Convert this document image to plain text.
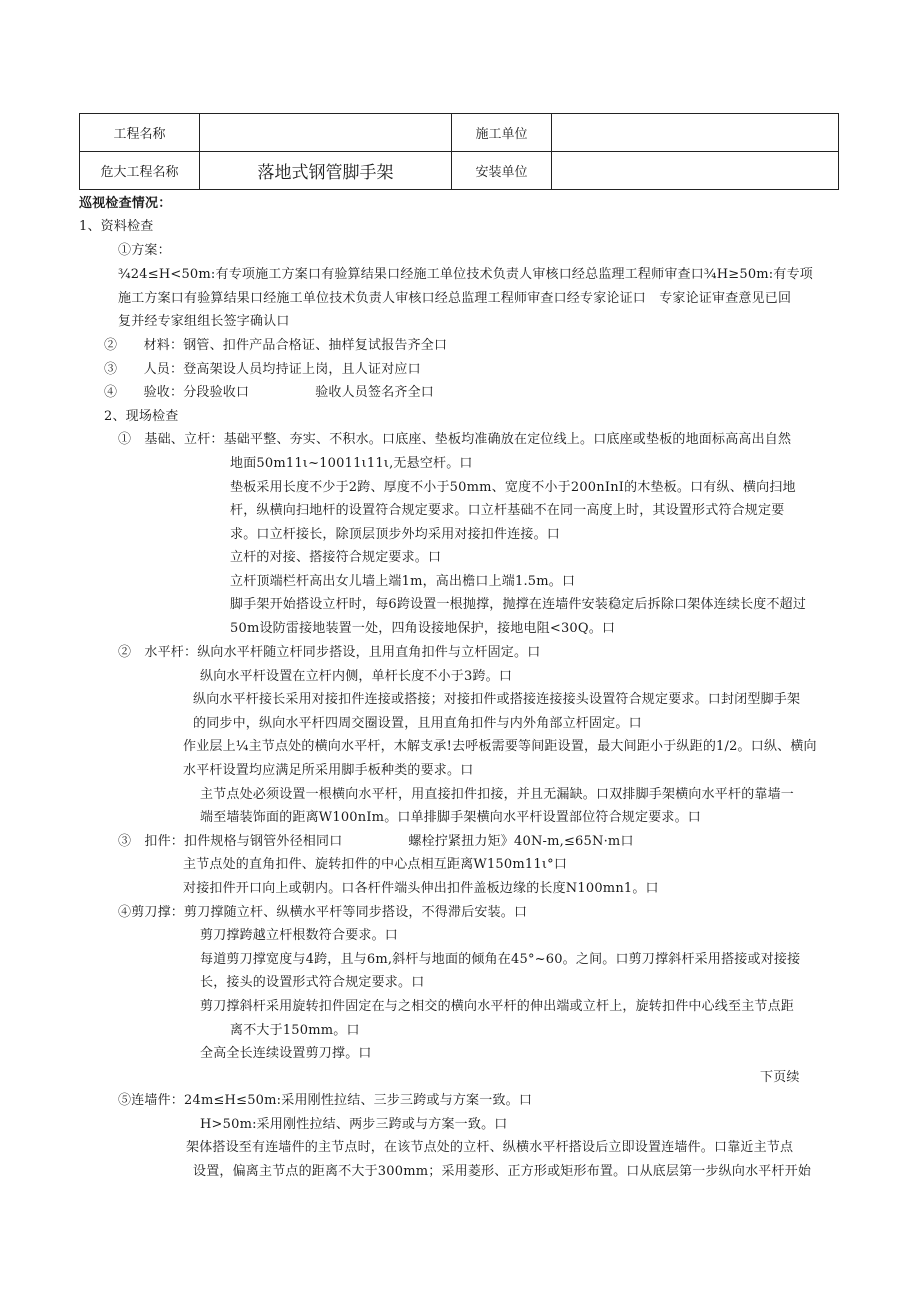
工程名称		施工单位	
危大工程名称	落地式钢管脚手架	安装单位	
巡视检查情况：
1、资料检查
①方案：
¾24≤H<50m:有专项施工方案口有验算结果口经施工单位技术负责人审核口经总监理工程师审查口¾H≥50m:有专项
施工方案口有验算结果口经施工单位技术负责人审核口经总监理工程师审查口经专家论证口　专家论证审查意见已回
复并经专家组组长签字确认口
②　　材料：钢管、扣件产品合格证、抽样复试报告齐全口
③　　人员：登高架设人员均持证上岗，且人证对应口
④　　验收：分段验收口　　　　　验收人员签名齐全口
2、现场检查
①　基础、立杆：基础平整、夯实、不积水。口底座、垫板均准确放在定位线上。口底座或垫板的地面标高高出自然
地面50m11ι~10011ι11ι,无悬空杆。口
垫板采用长度不少于2跨、厚度不小于50mm、宽度不小于200nInI的木垫板。口有纵、横向扫地
杆，纵横向扫地杆的设置符合规定要求。口立杆基础不在同一高度上时，其设置形式符合规定要
求。口立杆接长，除顶层顶步外均采用对接扣件连接。口
立杆的对接、搭接符合规定要求。口
立杆顶端栏杆高出女儿墙上端1m，高出檐口上端1.5m。口
脚手架开始搭设立杆时，每6跨设置一根抛撑，抛撑在连墙件安装稳定后拆除口架体连续长度不超过
50m设防雷接地装置一处，四角设接地保护，接地电阻<30Q。口
②　水平杆：纵向水平杆随立杆同步搭设，且用直角扣件与立杆固定。口
纵向水平杆设置在立杆内侧，单杆长度不小于3跨。口
纵向水平杆接长采用对接扣件连接或搭接；对接扣件或搭接连接接头设置符合规定要求。口封闭型脚手架
的同步中，纵向水平杆四周交圈设置，且用直角扣件与内外角部立杆固定。口
作业层上¼主节点处的横向水平杆，木解支承!去呼板需要等间距设置，最大间距小于纵距的1/2。口纵、横向
水平杆设置均应满足所采用脚手板种类的要求。口
主节点处必须设置一根横向水平杆，用直接扣件扣接，并且无漏缺。口双排脚手架横向水平杆的靠墙一
端至墙装饰面的距离W100nIm。口单排脚手架横向水平杆设置部位符合规定要求。口
③　扣件：扣件规格与钢管外径相同口　　　　　螺栓拧紧扭力矩》40N-m,≤65N·m口
主节点处的直角扣件、旋转扣件的中心点相互距离W150m11ι°口
对接扣件开口向上或朝内。口各杆件端头伸出扣件盖板边缘的长度N100mn1。口
④剪刀撑：剪刀撑随立杆、纵横水平杆等同步搭设，不得滞后安装。口
剪刀撑跨越立杆根数符合要求。口
每道剪刀撑宽度与4跨，且与6m,斜杆与地面的倾角在45°~60。之间。口剪刀撑斜杆采用搭接或对接接
长，接头的设置形式符合规定要求。口
剪刀撑斜杆采用旋转扣件固定在与之相交的横向水平杆的伸出端或立杆上，旋转扣件中心线至主节点距
离不大于150mm。口
全高全长连续设置剪刀撑。口
下页续
⑤连墙件：24m≤H≤50m:采用刚性拉结、三步三跨或与方案一致。口
H>50m:采用刚性拉结、两步三跨或与方案一致。口
架体搭设至有连墙件的主节点时，在该节点处的立杆、纵横水平杆搭设后立即设置连墙件。口靠近主节点
设置，偏离主节点的距离不大于300mm；采用菱形、正方形或矩形布置。口从底层第一步纵向水平杆开始
